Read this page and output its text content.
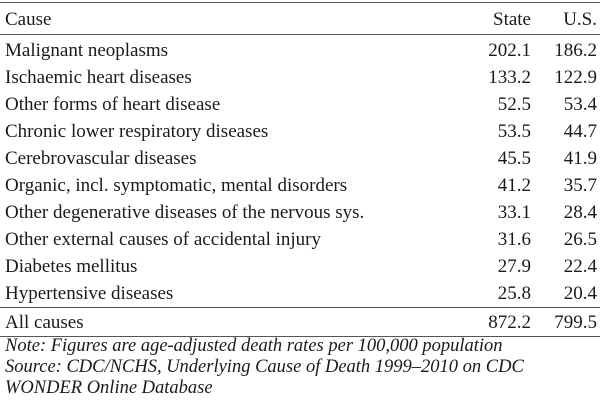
Cause	State	U.S.
Malignant neoplasms	202.1	186.2
Ischaemic heart diseases	133.2	122.9
Other forms of heart disease	52.5	53.4
Chronic lower respiratory diseases	53.5	44.7
Cerebrovascular diseases	45.5	41.9
Organic, incl. symptomatic, mental disorders	41.2	35.7
Other degenerative diseases of the nervous sys.	33.1	28.4
Other external causes of accidental injury	31.6	26.5
Diabetes mellitus	27.9	22.4
Hypertensive diseases	25.8	20.4
All causes	872.2	799.5
Note: Figures are age-adjusted death rates per 100,000 population
Source: CDC/NCHS, Underlying Cause of Death 1999–2010 on CDC
WONDER Online Database
